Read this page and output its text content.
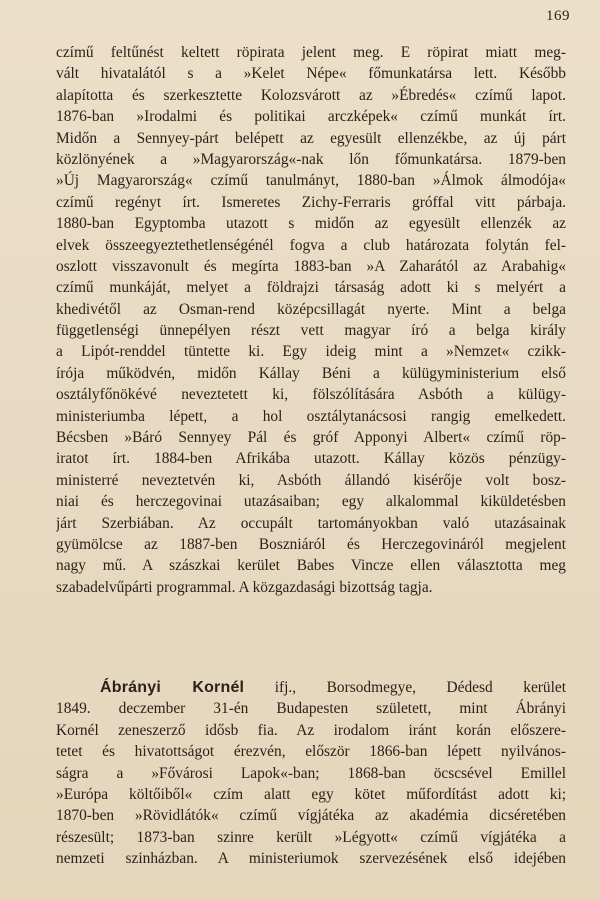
169
czímű feltűnést keltett röpirata jelent meg. E röpirat miatt meg-
vált hivatalától s a »Kelet Népe« főmunkatársa lett. Később
alapította és szerkesztette Kolozsvárott az »Ébredés« czímű lapot.
1876-ban »Irodalmi és politikai arczképek« czímű munkát írt.
Midőn a Sennyey-párt belépett az egyesült ellenzékbe, az új párt
közlönyének a »Magyarország«-nak lőn főmunkatársa. 1879-ben
»Új Magyarország« czímű tanulmányt, 1880-ban »Álmok álmodója«
czímű regényt írt. Ismeretes Zichy-Ferraris gróffal vitt párbaja.
1880-ban Egyptomba utazott s midőn az egyesült ellenzék az
elvek összeegyeztethetlenségénél fogva a club határozata folytán fel-
oszlott visszavonult és megírta 1883-ban »A Zaharától az Arabahig«
czímű munkáját, melyet a földrajzi társaság adott ki s melyért a
khedivétől az Osman-rend középcsillagát nyerte. Mint a belga
függetlenségi ünnepélyen részt vett magyar író a belga király
a Lipót-renddel tüntette ki. Egy ideig mint a »Nemzet« czikk-
írója működvén, midőn Kállay Béni a külügyministerium első
osztályfőnökévé neveztetett ki, fölszólítására Asbóth a külügy-
ministeriumba lépett, a hol osztálytanácsosi rangig emelkedett.
Bécsben »Báró Sennyey Pál és gróf Apponyi Albert« czímű röp-
iratot írt. 1884-ben Afrikába utazott. Kállay közös pénzügy-
ministerré neveztetvén ki, Asbóth állandó kisérője volt bosz-
niai és herczegovinai utazásaiban; egy alkalommal kiküldetésben
járt Szerbiában. Az occupált tartományokban való utazásainak
gyümölcse az 1887-ben Boszniáról és Herczegovináról megjelent
nagy mű. A szászkai kerület Babes Vincze ellen választotta meg
szabadelvűpárti programmal. A közgazdasági bizottság tagja.
Ábrányi Kornél ifj., Borsodmegye, Dédesd kerület
1849. deczember 31-én Budapesten született, mint Ábrányi
Kornél zeneszerző idősb fia. Az irodalom iránt korán előszere-
tetet és hivatottságot érezvén, először 1866-ban lépett nyilvános-
ságra a »Fővárosi Lapok«-ban; 1868-ban öcscsével Emillel
»Európa költőiből« czím alatt egy kötet műfordítást adott ki;
1870-ben »Rövidlátók« czímű vígjátéka az akadémia dicséretében
részesült; 1873-ban szinre került »Légyott« czímű vígjátéka a
nemzeti szinházban. A ministeriumok szervezésének első idejében
